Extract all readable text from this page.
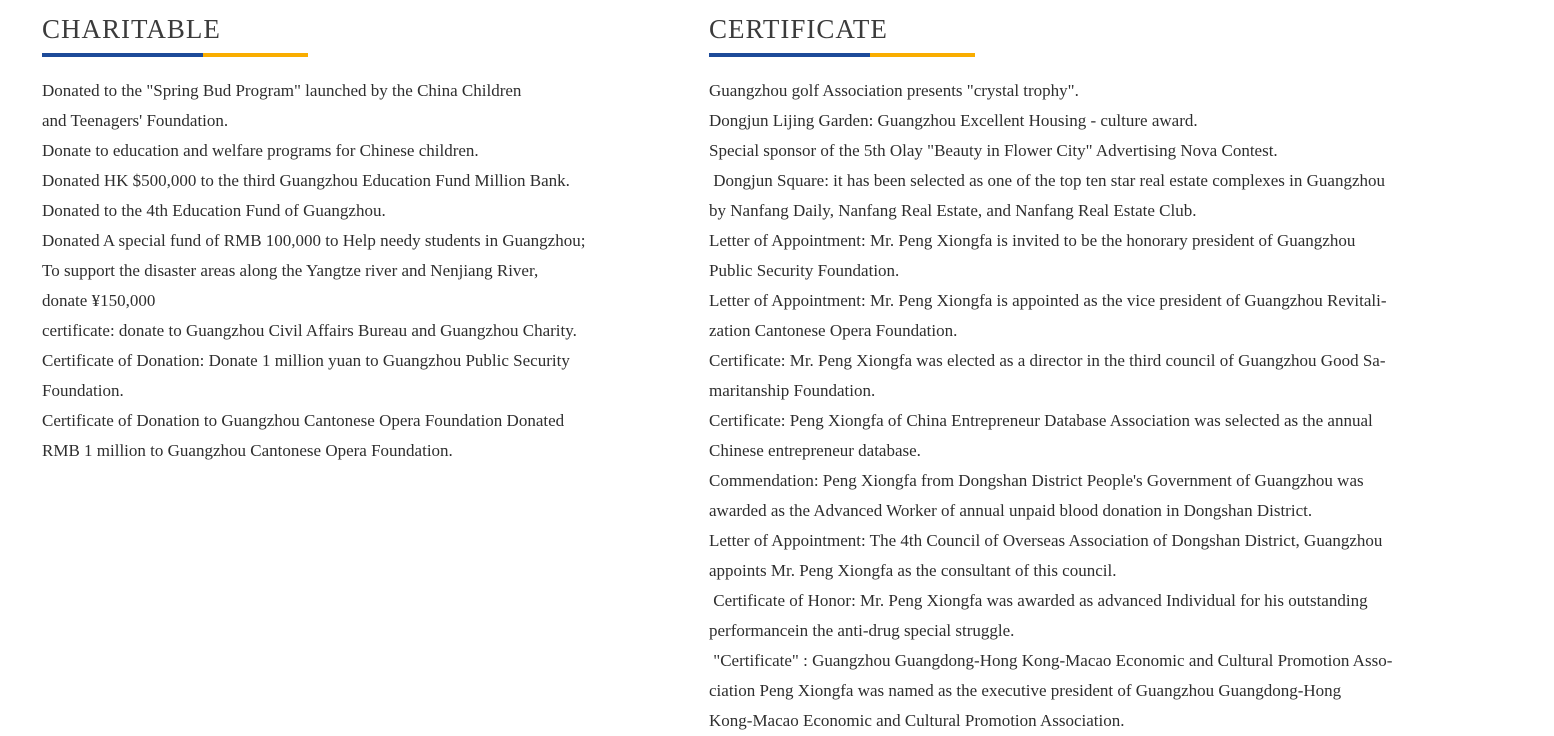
CHARITABLE
Donated to the "Spring Bud Program" launched by the China Children
and Teenagers' Foundation.
Donate to education and welfare programs for Chinese children.
Donated HK $500,000 to the third Guangzhou Education Fund Million Bank.
Donated to the 4th Education Fund of Guangzhou.
Donated A special fund of RMB 100,000 to Help needy students in Guangzhou;
To support the disaster areas along the Yangtze river and Nenjiang River,
donate ¥150,000
certificate: donate to Guangzhou Civil Affairs Bureau and Guangzhou Charity.
Certificate of Donation: Donate 1 million yuan to Guangzhou Public Security
Foundation.
Certificate of Donation to Guangzhou Cantonese Opera Foundation Donated
RMB 1 million to Guangzhou Cantonese Opera Foundation.
CERTIFICATE
Guangzhou golf Association presents "crystal trophy".
Dongjun Lijing Garden: Guangzhou Excellent Housing - culture award.
Special sponsor of the 5th Olay "Beauty in Flower City" Advertising Nova Contest.
Dongjun Square: it has been selected as one of the top ten star real estate complexes in Guangzhou
by Nanfang Daily, Nanfang Real Estate, and Nanfang Real Estate Club.
Letter of Appointment: Mr. Peng Xiongfa is invited to be the honorary president of Guangzhou
Public Security Foundation.
Letter of Appointment: Mr. Peng Xiongfa is appointed as the vice president of Guangzhou Revitali-
zation Cantonese Opera Foundation.
Certificate: Mr. Peng Xiongfa was elected as a director in the third council of Guangzhou Good Sa-
maritanship Foundation.
Certificate: Peng Xiongfa of China Entrepreneur Database Association was selected as the annual
Chinese entrepreneur database.
Commendation: Peng Xiongfa from Dongshan District People's Government of Guangzhou was
awarded as the Advanced Worker of annual unpaid blood donation in Dongshan District.
Letter of Appointment: The 4th Council of Overseas Association of Dongshan District, Guangzhou
appoints Mr. Peng Xiongfa as the consultant of this council.
Certificate of Honor: Mr. Peng Xiongfa was awarded as advanced Individual for his outstanding
performancein the anti-drug special struggle.
"Certificate" : Guangzhou Guangdong-Hong Kong-Macao Economic and Cultural Promotion Asso-
ciation Peng Xiongfa was named as the executive president of Guangzhou Guangdong-Hong
Kong-Macao Economic and Cultural Promotion Association.
